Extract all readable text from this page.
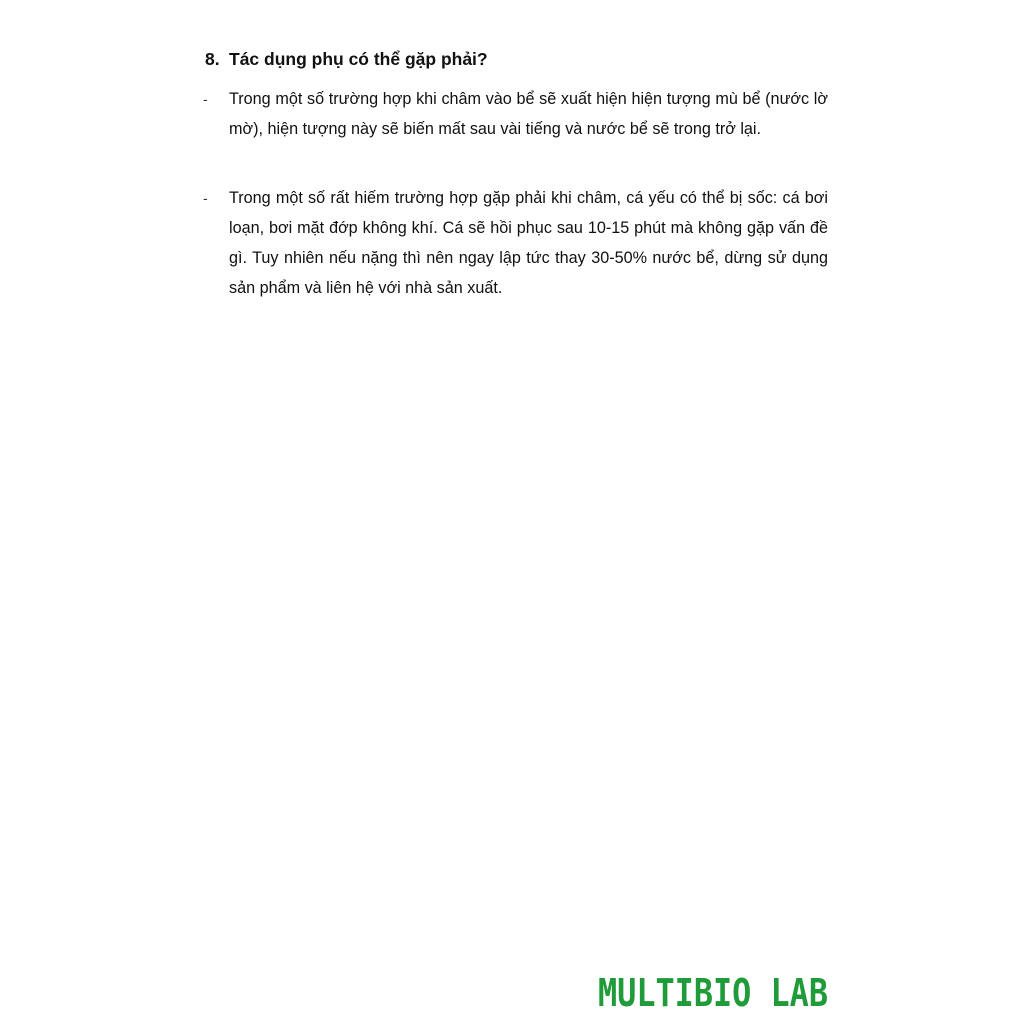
8. Tác dụng phụ có thể gặp phải?
- Trong một số trường hợp khi châm vào bể sẽ xuất hiện hiện tượng mù bể (nước lờ mờ), hiện tượng này sẽ biến mất sau vài tiếng và nước bể sẽ trong trở lại.
- Trong một số rất hiếm trường hợp gặp phải khi châm, cá yếu có thể bị sốc: cá bơi loạn, bơi mặt đớp không khí. Cá sẽ hồi phục sau 10-15 phút mà không gặp vấn đề gì. Tuy nhiên nếu nặng thì nên ngay lập tức thay 30-50% nước bể, dừng sử dụng sản phẩm và liên hệ với nhà sản xuất.
MULTIBIO LAB
